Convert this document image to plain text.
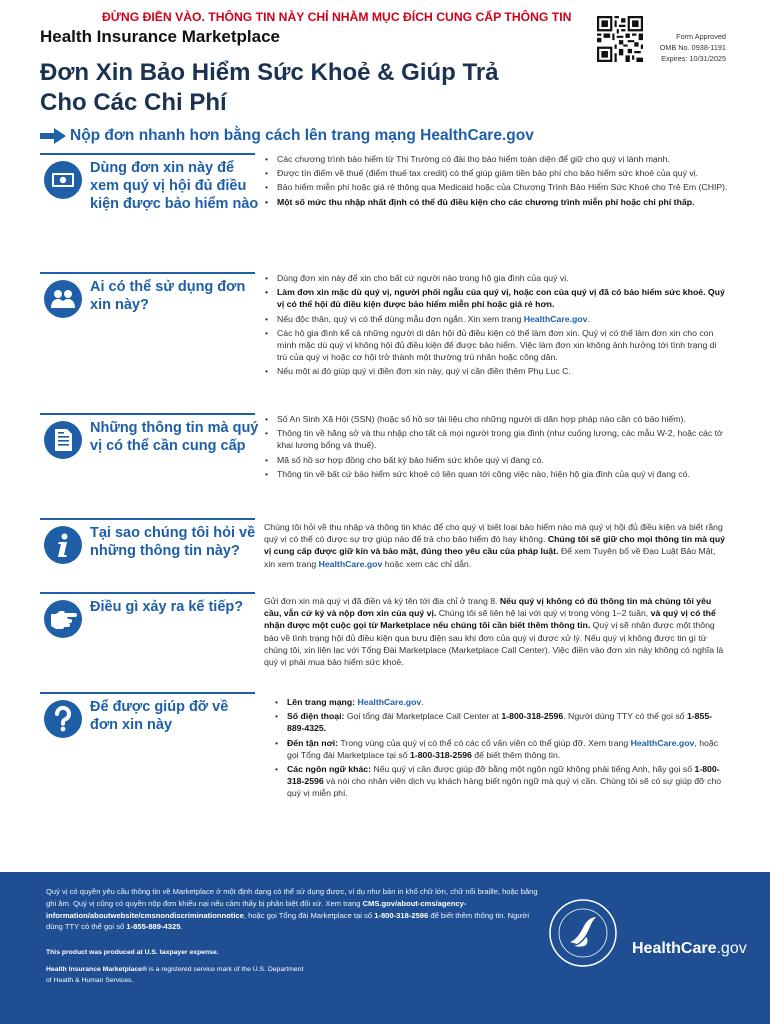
ĐỪNG ĐIỀN VÀO. THÔNG TIN NÀY CHỈ NHẰM MỤC ĐÍCH CUNG CẤP THÔNG TIN
Health Insurance Marketplace	Form Approved
OMB No. 0938-1191
Expires: 10/31/2025
Đơn Xin Bảo Hiểm Sức Khoẻ & Giúp Trả
Cho Các Chi Phí
Nộp đơn nhanh hơn bằng cách lên trang mạng HealthCare.gov
Dùng đơn xin này để xem quý vị hội đủ điều kiện được bảo hiểm nào
• Các chương trình bảo hiểm từ Thị Trường có đài thọ bảo hiểm toàn diện để giữ cho quý vị lành mạnh.
• Được tín điểm về thuế (điểm thuế tax credit) có thể giúp giảm tiền bảo phí cho bảo hiểm sức khoẻ của quý vị.
• Bảo hiểm miễn phí hoặc giá rẻ thông qua Medicaid hoặc của Chương Trình Bảo Hiểm Sức Khoẻ cho Trẻ Em (CHIP).
• Một số mức thu nhập nhất định có thể đủ điều kiện cho các chương trình miễn phí hoặc chi phí thấp.
Ai có thể sử dụng đơn xin này?
• Dùng đơn xin này để xin cho bất cứ người nào trong hộ gia đình của quý vị.
• Làm đơn xin mặc dù quý vị, người phối ngẫu của quý vị, hoặc con của quý vị đã có bảo hiểm sức khoẻ. Quý vị có thể hội đủ điều kiện được bảo hiểm miễn phí hoặc giá rẻ hơn.
• Nếu độc thân, quý vị có thể dùng mẫu đơn ngắn. Xin xem trang HealthCare.gov.
• Các hộ gia đình kể cả những người di dân hội đủ điều kiện có thể làm đơn xin. Quý vị có thể làm đơn xin cho con mình mặc dù quý vị không hội đủ điều kiện để được bảo hiểm. Việc làm đơn xin không ảnh hưởng tới tình trạng di trú của quý vị hoặc cơ hội trở thành một thường trú nhân hoặc công dân.
• Nếu một ai đó giúp quý vị điền đơn xin này, quý vị cần điền thêm Phụ Lục C.
Những thông tin mà quý vị có thể cần cung cấp
• Số An Sinh Xã Hội (SSN) (hoặc số hồ sơ tài liệu cho những người di dân hợp pháp nào cần có bảo hiểm).
• Thông tin về hãng sở và thu nhập cho tất cả mọi người trong gia đình (như cuống lương, các mẫu W-2, hoặc các tờ khai lương bổng và thuế).
• Mã số hồ sơ hợp đồng cho bất kỳ bảo hiểm sức khỏe quý vị đang có.
• Thông tin về bất cứ bảo hiểm sức khoẻ có liên quan tới công việc nào, hiện hộ gia đình của quý vị đang có.
Tại sao chúng tôi hỏi về những thông tin này?

Chúng tôi hỏi về thu nhập và thông tin khác để cho quý vị biết loại bảo hiểm nào mà quý vị hội đủ điều kiện và biết rằng quý vị có thể có được sự trợ giúp nào để trả cho bảo hiểm đó hay không. Chúng tôi sẽ giữ cho mọi thông tin mà quý vị cung cấp được giữ kín và bảo mật, đúng theo yêu cầu của pháp luật. Để xem Tuyên bố về Đạo Luật Bảo Mật, xin xem trang HealthCare.gov hoặc xem các chỉ dẫn.

Điều gì xảy ra kế tiếp?	Gửi đơn xin mà quý vị đã điền và ký tên tới địa chỉ ở trang 8. Nếu quý vị không có đủ thông tin mà chúng tôi yêu cầu, vẫn cứ ký và nộp đơn xin của quý vị. Chúng tôi sẽ liên hệ lại với quý vị trong vòng 1–2 tuần, và quý vị có thể nhận được một cuộc gọi từ Marketplace nếu chúng tôi cần biết thêm thông tin. Quý vị sẽ nhận được một thông báo về tình trạng hội đủ điều kiện qua bưu điện sau khi đơn của quý vị được xử lý. Nếu quý vị không được tin gì từ chúng tôi, xin liên lạc với Tổng Đài Marketplace (Marketplace Call Center). Việc điền vào đơn xin này không có nghĩa là quý vị phải mua bảo hiểm sức khoẻ.

Để được giúp đỡ về đơn xin này
• Lên trang mạng: HealthCare.gov.
• Số điện thoại: Gọi tổng đài Marketplace Call Center at 1-800-318-2596. Người dùng TTY có thể gọi số 1-855-889-4325.
• Đến tận nơi: Trong vùng của quý vị có thể có các cố vấn viên có thể giúp đỡ. Xem trang HealthCare.gov, hoặc gọi Tổng đài Marketplace tại số 1-800-318-2596 để biết thêm thông tin.
• Các ngôn ngữ khác: Nếu quý vị cần được giúp đỡ bằng một ngôn ngữ không phải tiếng Anh, hãy gọi số 1-800-318-2596 và nói cho nhân viên dịch vụ khách hàng biết ngôn ngữ mà quý vị cần. Chúng tôi sẽ có sự giúp đỡ cho quý vị miễn phí.
Quý vị có quyền yêu cầu thông tin về Marketplace ở một định dạng có thể sử dụng được, ví dụ như bản in khổ chữ lớn, chữ nổi braille, hoặc băng ghi âm. Quý vị cũng có quyền nộp đơn khiếu nại nếu cảm thấy bị phân biệt đối xử. Xem trang CMS.gov/about-cms/agency-information/aboutwebsite/cmsnondiscriminationnotice, hoặc gọi Tổng đài Marketplace tại số 1-800-318-2596 để biết thêm thông tin. Người dùng TTY có thể gọi số 1-855-889-4325.
This product was produced at U.S. taxpayer expense.
Health Insurance Marketplace® is a registered service mark of the U.S. Department of Health & Human Services.
HealthCare.gov
